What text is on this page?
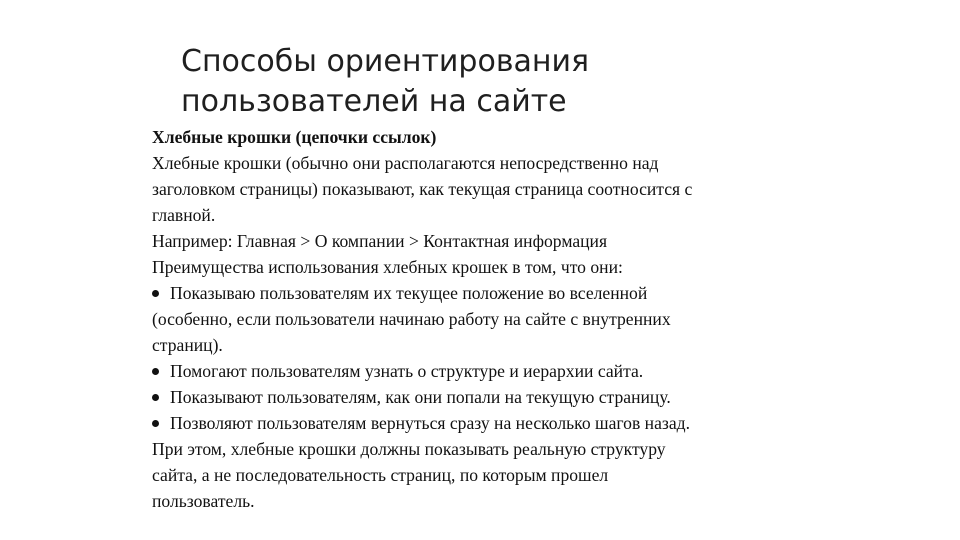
Способы ориентирования
пользователей на сайте
Хлебные крошки (цепочки ссылок)
Хлебные крошки (обычно они располагаются непосредственно над
заголовком страницы) показывают, как текущая страница соотносится с
главной.
Например: Главная > О компании > Контактная информация
Преимущества использования хлебных крошек в том, что они:
Показываю пользователям их текущее положение во вселенной
(особенно, если пользователи начинаю работу на сайте с внутренних
страниц).
Помогают пользователям узнать о структуре и иерархии сайта.
Показывают пользователям, как они попали на текущую страницу.
Позволяют пользователям вернуться сразу на несколько шагов назад.
При этом, хлебные крошки должны показывать реальную структуру
сайта, а не последовательность страниц, по которым прошел
пользователь.
